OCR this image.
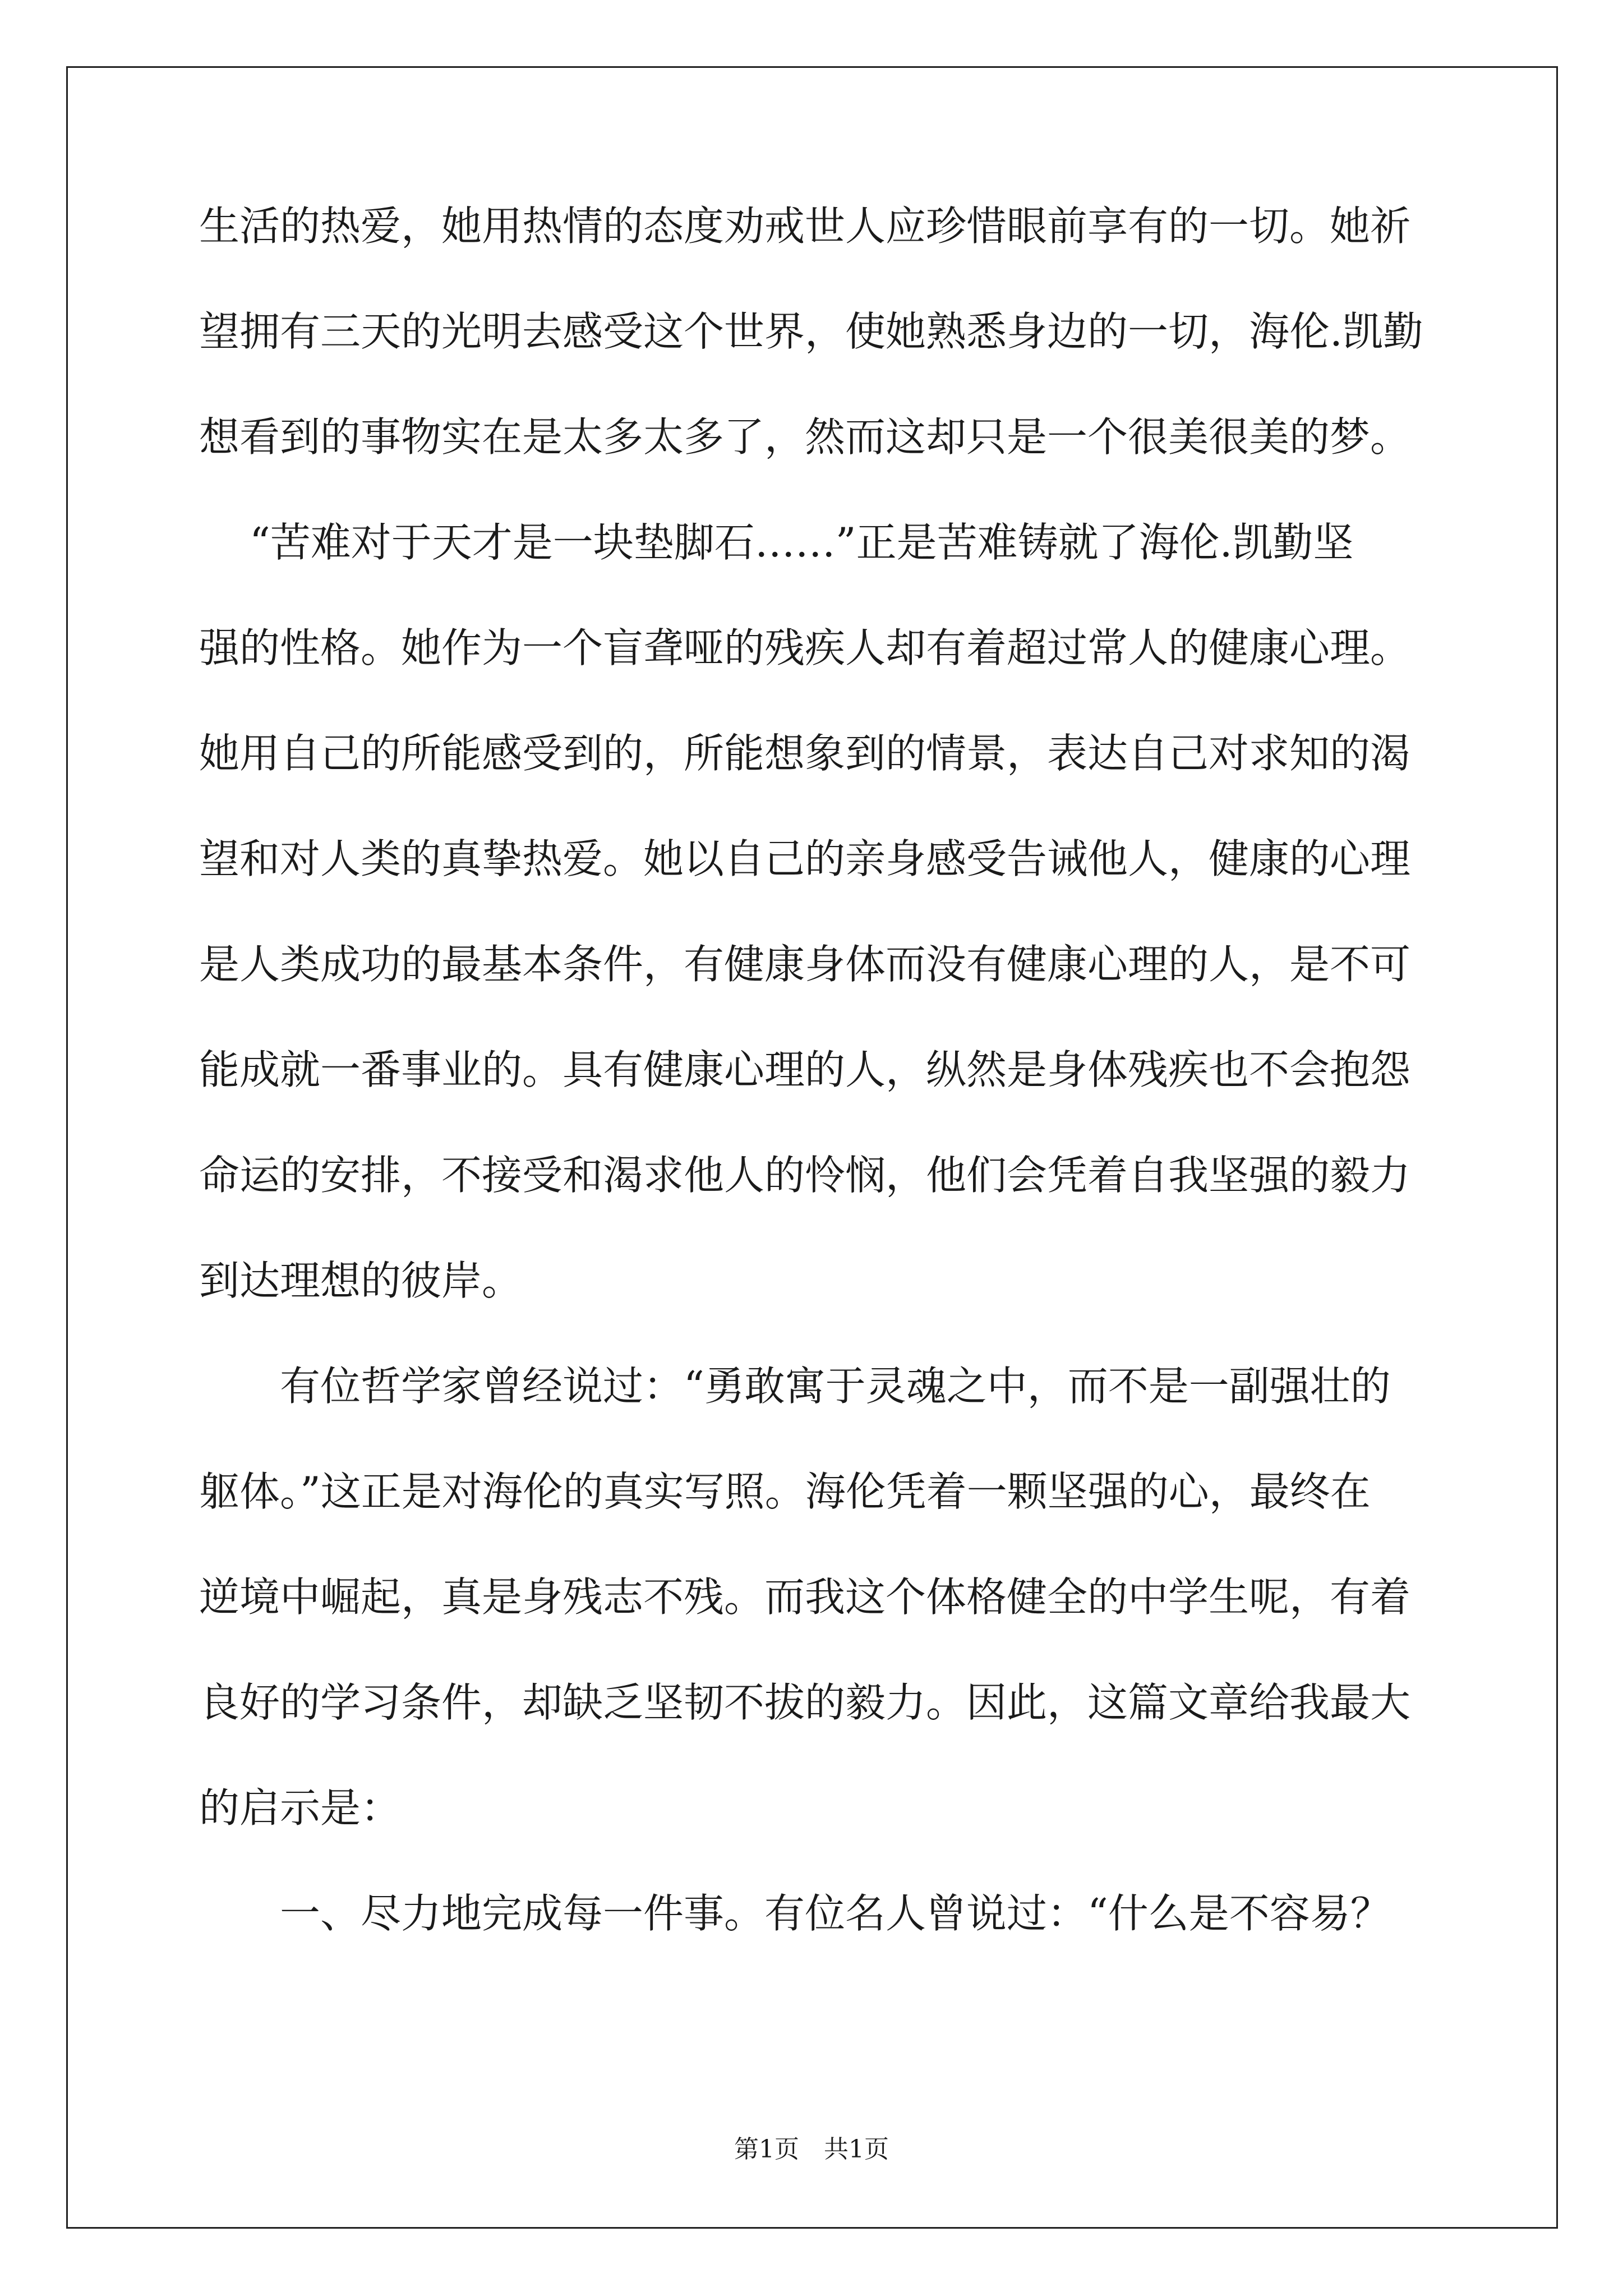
生活的热爱，她用热情的态度劝戒世人应珍惜眼前享有的一切。她祈
望拥有三天的光明去感受这个世界，使她熟悉身边的一切，海伦.凯勤
想看到的事物实在是太多太多了，然而这却只是一个很美很美的梦。
“苦难对于天才是一块垫脚石……”正是苦难铸就了海伦.凯勤坚
强的性格。她作为一个盲聋哑的残疾人却有着超过常人的健康心理。
她用自己的所能感受到的，所能想象到的情景，表达自己对求知的渴
望和对人类的真挚热爱。她以自己的亲身感受告诫他人，健康的心理
是人类成功的最基本条件，有健康身体而没有健康心理的人，是不可
能成就一番事业的。具有健康心理的人，纵然是身体残疾也不会抱怨
命运的安排，不接受和渴求他人的怜悯，他们会凭着自我坚强的毅力
到达理想的彼岸。
有位哲学家曾经说过：“勇敢寓于灵魂之中，而不是一副强壮的
躯体。”这正是对海伦的真实写照。海伦凭着一颗坚强的心，最终在
逆境中崛起，真是身残志不残。而我这个体格健全的中学生呢，有着
良好的学习条件，却缺乏坚韧不拔的毅力。因此，这篇文章给我最大
的启示是：
一、尽力地完成每一件事。有位名人曾说过：“什么是不容易？
第1页　共1页
